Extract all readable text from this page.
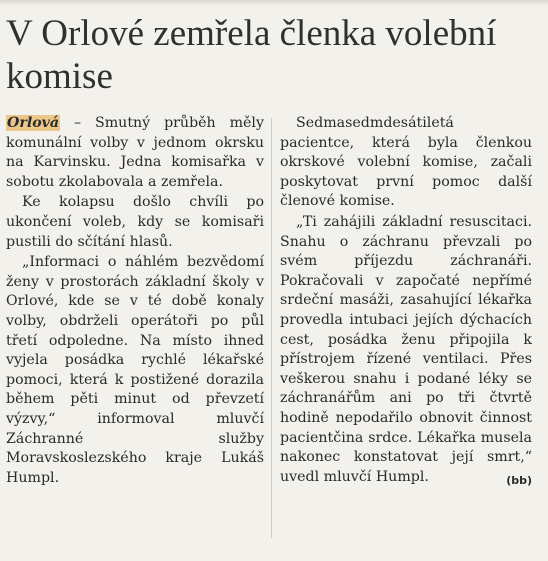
V Orlové zemřela členka volební komise

Orlová – Smutný průběh měly komunální volby v jednom okrsku na Karvinsku. Jedna komisařka v sobotu zkolabovala a zemřela.

Ke kolapsu došlo chvíli po ukončení voleb, kdy se komisaři pustili do sčítání hlasů.

„Informaci o náhlém bezvědomí ženy v prostorách základní školy v Orlové, kde se v té době konaly volby, obdrželi operátoři po půl třetí odpoledne. Na místo ihned vyjela posádka rychlé lékařské pomoci, která k postižené dorazila během pěti minut od převzetí výzvy,“ informoval mluvčí Záchranné služby Moravskoslezského kraje Lukáš Humpl.

Sedmasedmdesátiletá pacientce, která byla členkou okrskové volební komise, začali poskytovat první pomoc další členové komise.

„Ti zahájili základní resuscitaci. Snahu o záchranu převzali po svém příjezdu záchranáři. Pokračovali v započaté nepřímé srdeční masáži, zasahující lékařka provedla intubaci jejích dýchacích cest, posádka ženu připojila k přístrojem řízené ventilaci. Přes veškerou snahu i podané léky se záchranářům ani po tři čtvrtě hodině nepodařilo obnovit činnost pacientčina srdce. Lékařka musela nakonec konstatovat její smrt,“ uvedl mluvčí Humpl.	(bb)
